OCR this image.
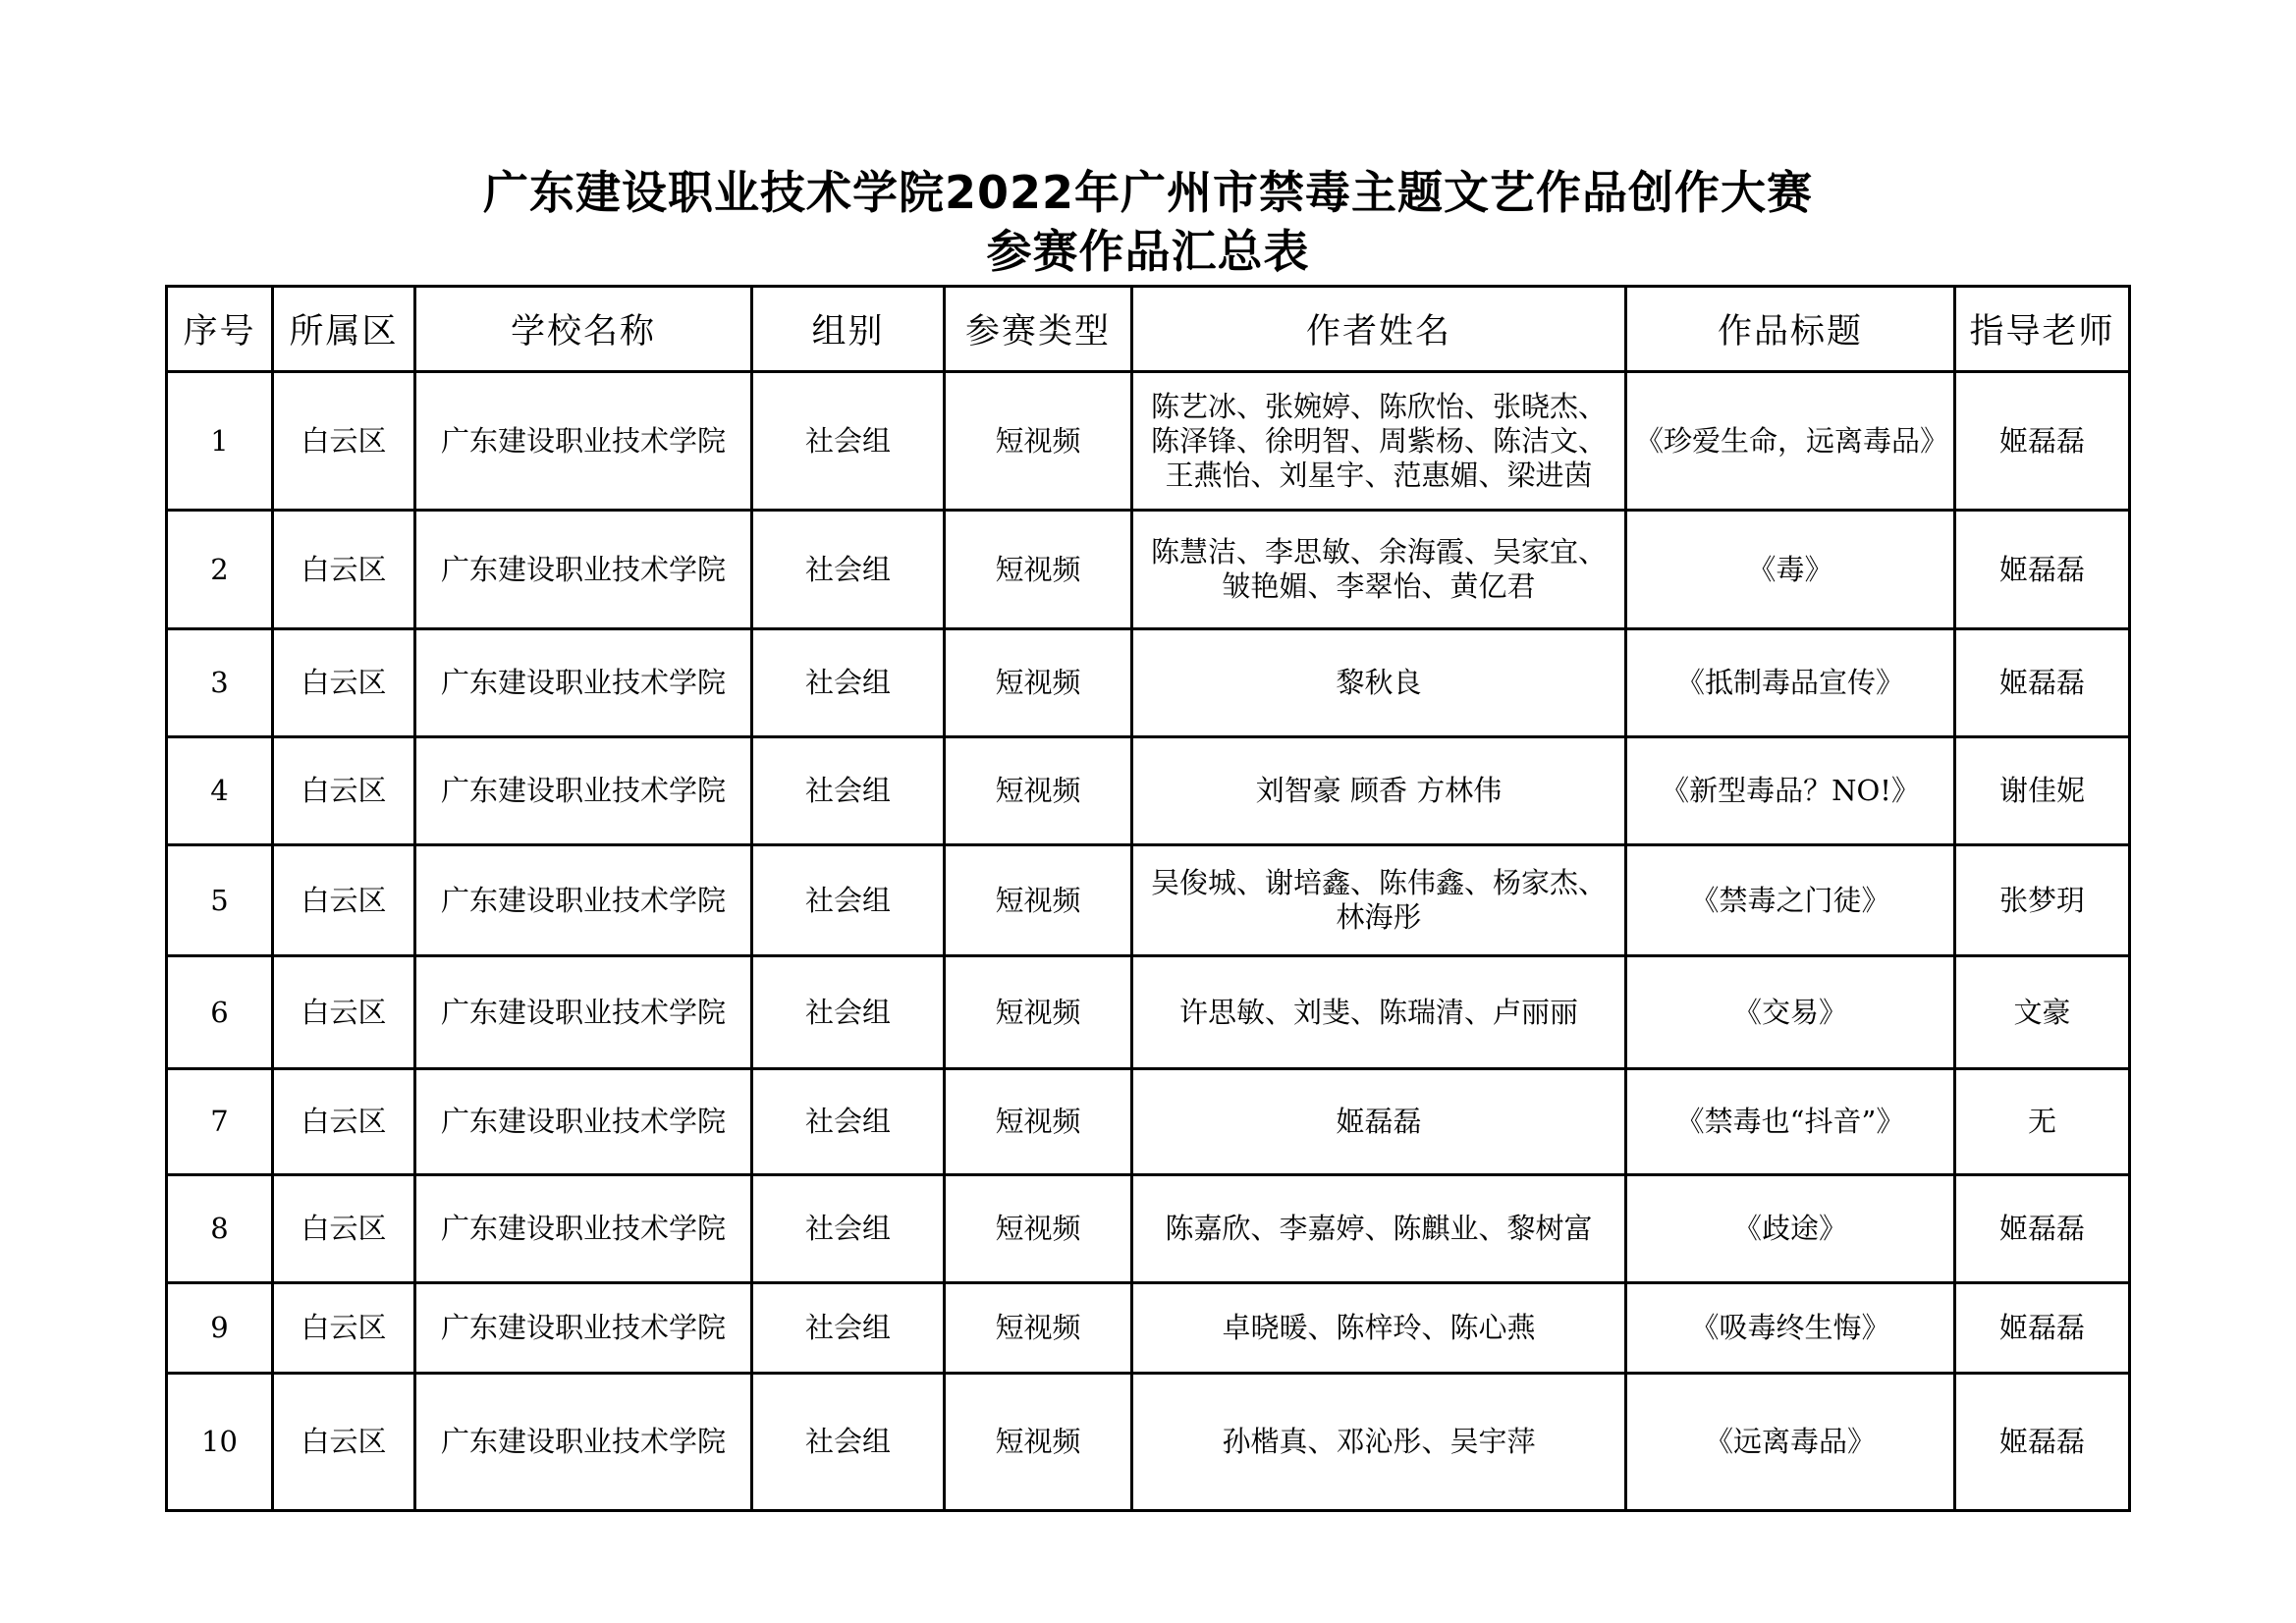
广东建设职业技术学院2022年广州市禁毒主题文艺作品创作大赛
参赛作品汇总表
序号	所属区	学校名称	组别	参赛类型	作者姓名	作品标题	指导老师
1	白云区	广东建设职业技术学院	社会组	短视频	陈艺冰、张婉婷、陈欣怡、张晓杰、陈泽锋、徐明智、周紫杨、陈洁文、王燕怡、刘星宇、范惠媚、梁进茵	《珍爱生命，远离毒品》	姬磊磊
2	白云区	广东建设职业技术学院	社会组	短视频	陈慧洁、李思敏、余海霞、吴家宜、皱艳媚、李翠怡、黄亿君	《毒》	姬磊磊
3	白云区	广东建设职业技术学院	社会组	短视频	黎秋良	《抵制毒品宣传》	姬磊磊
4	白云区	广东建设职业技术学院	社会组	短视频	刘智豪 顾香 方林伟	《新型毒品？NO!》	谢佳妮
5	白云区	广东建设职业技术学院	社会组	短视频	吴俊城、谢培鑫、陈伟鑫、杨家杰、林海彤	《禁毒之门徒》	张梦玥
6	白云区	广东建设职业技术学院	社会组	短视频	许思敏、刘斐、陈瑞清、卢丽丽	《交易》	文豪
7	白云区	广东建设职业技术学院	社会组	短视频	姬磊磊	《禁毒也“抖音”》	无
8	白云区	广东建设职业技术学院	社会组	短视频	陈嘉欣、李嘉婷、陈麒业、黎树富	《歧途》	姬磊磊
9	白云区	广东建设职业技术学院	社会组	短视频	卓晓暖、陈梓玲、陈心燕	《吸毒终生悔》	姬磊磊
10	白云区	广东建设职业技术学院	社会组	短视频	孙楷真、邓沁彤、吴宇萍	《远离毒品》	姬磊磊
